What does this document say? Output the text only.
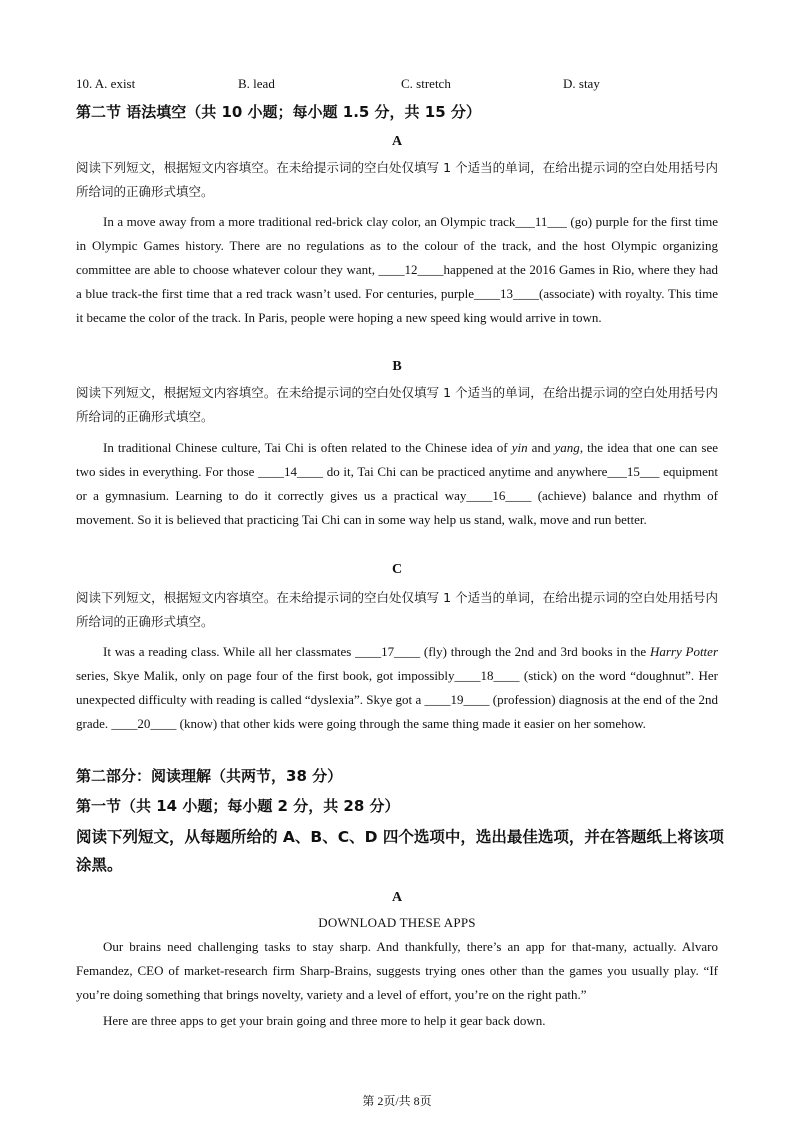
10. A. exist	B. lead	C. stretch	D. stay
第二节 语法填空（共 10 小题；每小题 1.5 分，共 15 分）
A
阅读下列短文，根据短文内容填空。在未给提示词的空白处仅填写 1 个适当的单词，在给出提示词的空白处用括号内所给词的正确形式填空。
In a move away from a more traditional red-brick clay color, an Olympic track___11___ (go) purple for the first time in Olympic Games history. There are no regulations as to the colour of the track, and the host Olympic organizing committee are able to choose whatever colour they want, ____12____happened at the 2016 Games in Rio, where they had a blue track-the first time that a red track wasn’t used. For centuries, purple____13____(associate) with royalty. This time it became the color of the track. In Paris, people were hoping a new speed king would arrive in town.
B
阅读下列短文，根据短文内容填空。在未给提示词的空白处仅填写 1 个适当的单词，在给出提示词的空白处用括号内所给词的正确形式填空。
In traditional Chinese culture, Tai Chi is often related to the Chinese idea of yin and yang, the idea that one can see two sides in everything. For those ____14____ do it, Tai Chi can be practiced anytime and anywhere___15___ equipment or a gymnasium. Learning to do it correctly gives us a practical way____16____ (achieve) balance and rhythm of movement. So it is believed that practicing Tai Chi can in some way help us stand, walk, move and run better.
C
阅读下列短文，根据短文内容填空。在未给提示词的空白处仅填写 1 个适当的单词，在给出提示词的空白处用括号内所给词的正确形式填空。
It was a reading class. While all her classmates ____17____ (fly) through the 2nd and 3rd books in the Harry Potter series, Skye Malik, only on page four of the first book, got impossibly____18____ (stick) on the word “doughnut”. Her unexpected difficulty with reading is called “dyslexia”. Skye got a ____19____ (profession) diagnosis at the end of the 2nd grade. ____20____ (know) that other kids were going through the same thing made it easier on her somehow.
第二部分：阅读理解（共两节，38 分）
第一节（共 14 小题；每小题 2 分，共 28 分）
阅读下列短文，从每题所给的 A、B、C、D 四个选项中，选出最佳选项，并在答题纸上将该项涂黑。
A
DOWNLOAD THESE APPS
Our brains need challenging tasks to stay sharp. And thankfully, there’s an app for that-many, actually. Alvaro Femandez, CEO of market-research firm Sharp-Brains, suggests trying ones other than the games you usually play. “If you’re doing something that brings novelty, variety and a level of effort, you’re on the right path.”
Here are three apps to get your brain going and three more to help it gear back down.
第 2页/共 8页
